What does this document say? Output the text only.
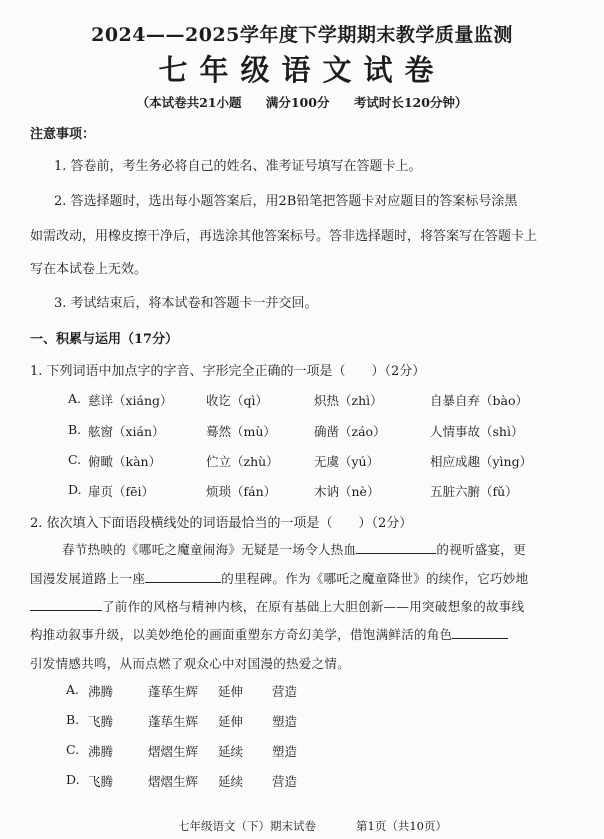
2024——2025学年度下学期期末教学质量监测
七年级语文试卷
（本试卷共21小题 满分100分 考试时长120分钟）
注意事项：
1. 答卷前，考生务必将自己的姓名、准考证号填写在答题卡上。
2. 答选择题时，选出每小题答案后，用2B铅笔把答题卡对应题目的答案标号涂黑
如需改动，用橡皮擦干净后，再选涂其他答案标号。答非选择题时，将答案写在答题卡上
写在本试卷上无效。
3. 考试结束后，将本试卷和答题卡一并交回。
一、积累与运用（17分）
1. 下列词语中加点字的字音、字形完全正确的一项是（　　）（2分）
A. 慈详（xiáng）	收讫（qì）	炽热（zhì）	自暴自弃（bào）
B. 舷窗（xián）	蓦然（mù）	确凿（záo）	人情事故（shì）
C. 俯瞰（kàn）	伫立（zhù）	无虞（yú）	相应成趣（yìng）
D. 扉页（fēi）	烦琐（fán）	木讷（nè）	五脏六腑（fǔ）
2. 依次填入下面语段横线处的词语最恰当的一项是（　　）（2分）
春节热映的《哪吒之魔童闹海》无疑是一场令人热血	的视听盛宴，更
国漫发展道路上一座	的里程碑。作为《哪吒之魔童降世》的续作，它巧妙地
了前作的风格与精神内核，在原有基础上大胆创新——用突破想象的故事线
构推动叙事升级，以美妙绝伦的画面重塑东方奇幻美学，借饱满鲜活的角色
引发情感共鸣，从而点燃了观众心中对国漫的热爱之情。
A. 沸腾	蓬荜生辉 延伸 营造
B. 飞腾	蓬荜生辉 延伸 塑造
C. 沸腾	熠熠生辉 延续 塑造
D. 飞腾	熠熠生辉 延续 营造
七年级语文（下）期末试卷	第1页（共10页）
